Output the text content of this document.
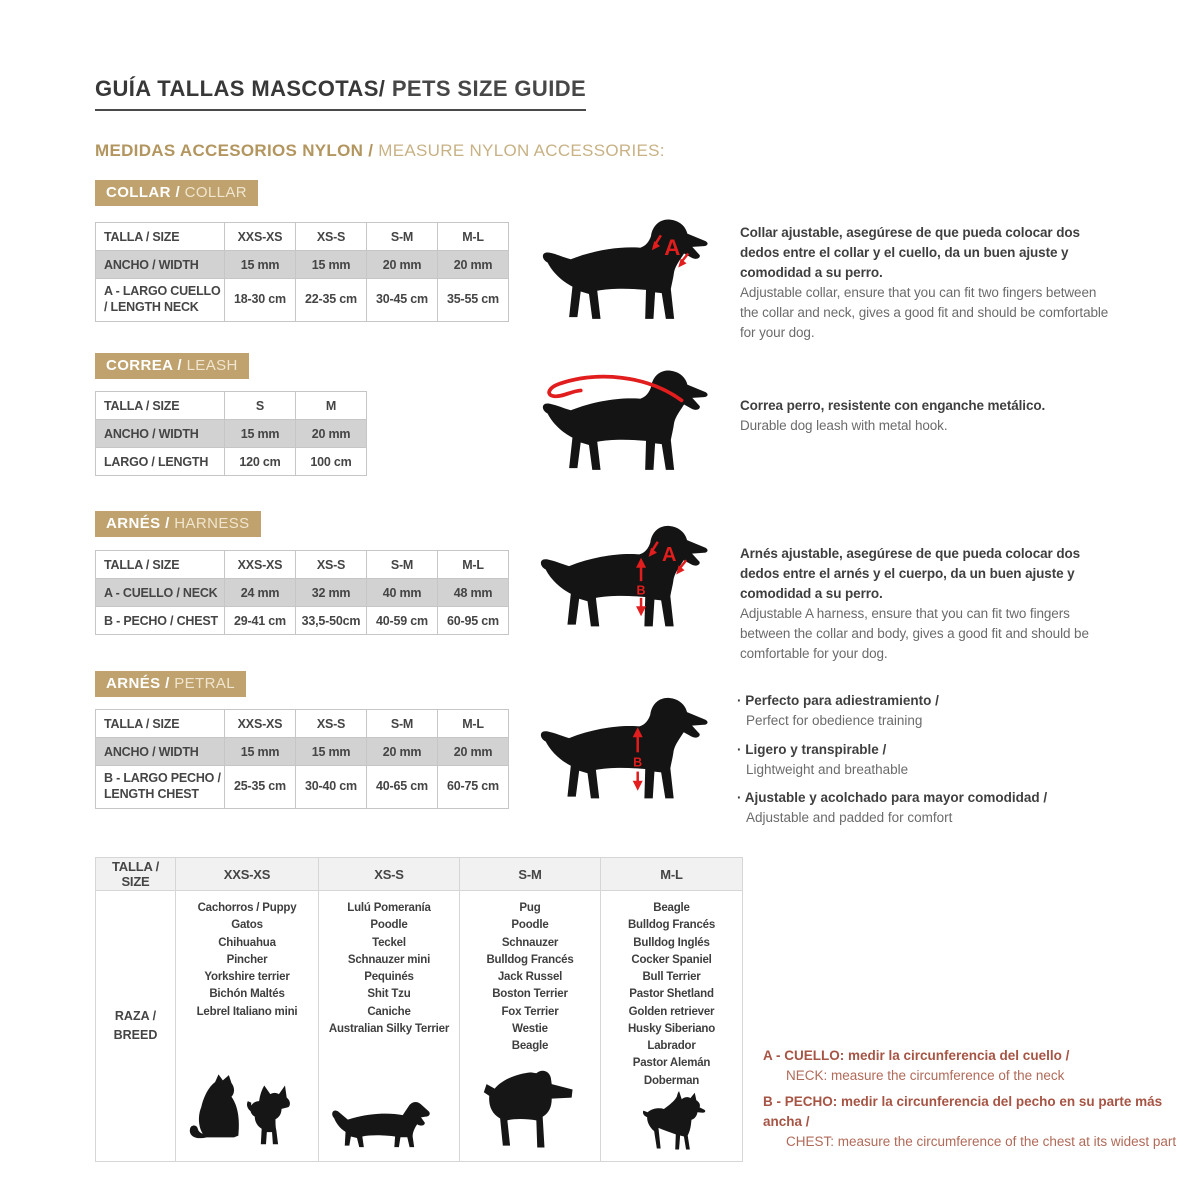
GUÍA TALLAS MASCOTAS/ PETS SIZE GUIDE
MEDIDAS ACCESORIOS NYLON / MEASURE NYLON ACCESSORIES:
COLLAR / COLLAR
TALLA / SIZE	XXS-XS	XS-S	S-M	M-L
ANCHO / WIDTH	15 mm	15 mm	20 mm	20 mm
A - LARGO CUELLO / LENGTH NECK	18-30 cm	22-35 cm	30-45 cm	35-55 cm
A
Collar ajustable, asegúrese de que pueda colocar dos dedos entre el collar y el cuello, da un buen ajuste y comodidad a su perro.
Adjustable collar, ensure that you can fit two fingers between the collar and neck, gives a good fit and should be comfortable for your dog.
CORREA / LEASH
TALLA / SIZE	S	M
ANCHO / WIDTH	15 mm	20 mm
LARGO / LENGTH	120 cm	100 cm
Correa perro, resistente con enganche metálico.
Durable dog leash with metal hook.
ARNÉS / HARNESS
TALLA / SIZE	XXS-XS	XS-S	S-M	M-L
A - CUELLO / NECK	24 mm	32 mm	40 mm	48 mm
B - PECHO / CHEST	29-41 cm	33,5-50cm	40-59 cm	60-95 cm
A
B
Arnés ajustable, asegúrese de que pueda colocar dos dedos entre el arnés y el cuerpo, da un buen ajuste y comodidad a su perro.
Adjustable A harness, ensure that you can fit two fingers between the collar and body, gives a good fit and should be comfortable for your dog.
ARNÉS / PETRAL
TALLA / SIZE	XXS-XS	XS-S	S-M	M-L
ANCHO / WIDTH	15 mm	15 mm	20 mm	20 mm
B - LARGO PECHO / LENGTH CHEST	25-35 cm	30-40 cm	40-65 cm	60-75 cm
B
· Perfecto para adiestramiento /
Perfect for obedience training
· Ligero y transpirable /
Lightweight and breathable
· Ajustable y acolchado para mayor comodidad /
Adjustable and padded for comfort
TALLA / SIZE	XXS-XS	XS-S	S-M	M-L

RAZA / BREED

Cachorros / Puppy
Gatos
Chihuahua
Pincher
Yorkshire terrier
Bichón Maltés
Lebrel Italiano mini

Lulú Pomeranía
Poodle
Teckel
Schnauzer mini
Pequinés
Shit Tzu
Caniche
Australian Silky Terrier

Pug
Poodle
Schnauzer
Bulldog Francés
Jack Russel
Boston Terrier
Fox Terrier
Westie
Beagle

Beagle
Bulldog Francés
Bulldog Inglés
Cocker Spaniel
Bull Terrier
Pastor Shetland
Golden retriever
Husky Siberiano
Labrador
Pastor Alemán
Doberman
A - CUELLO: medir la circunferencia del cuello /
NECK: measure the circumference of the neck
B - PECHO: medir la circunferencia del pecho en su parte más ancha /
CHEST: measure the circumference of the chest at its widest part
